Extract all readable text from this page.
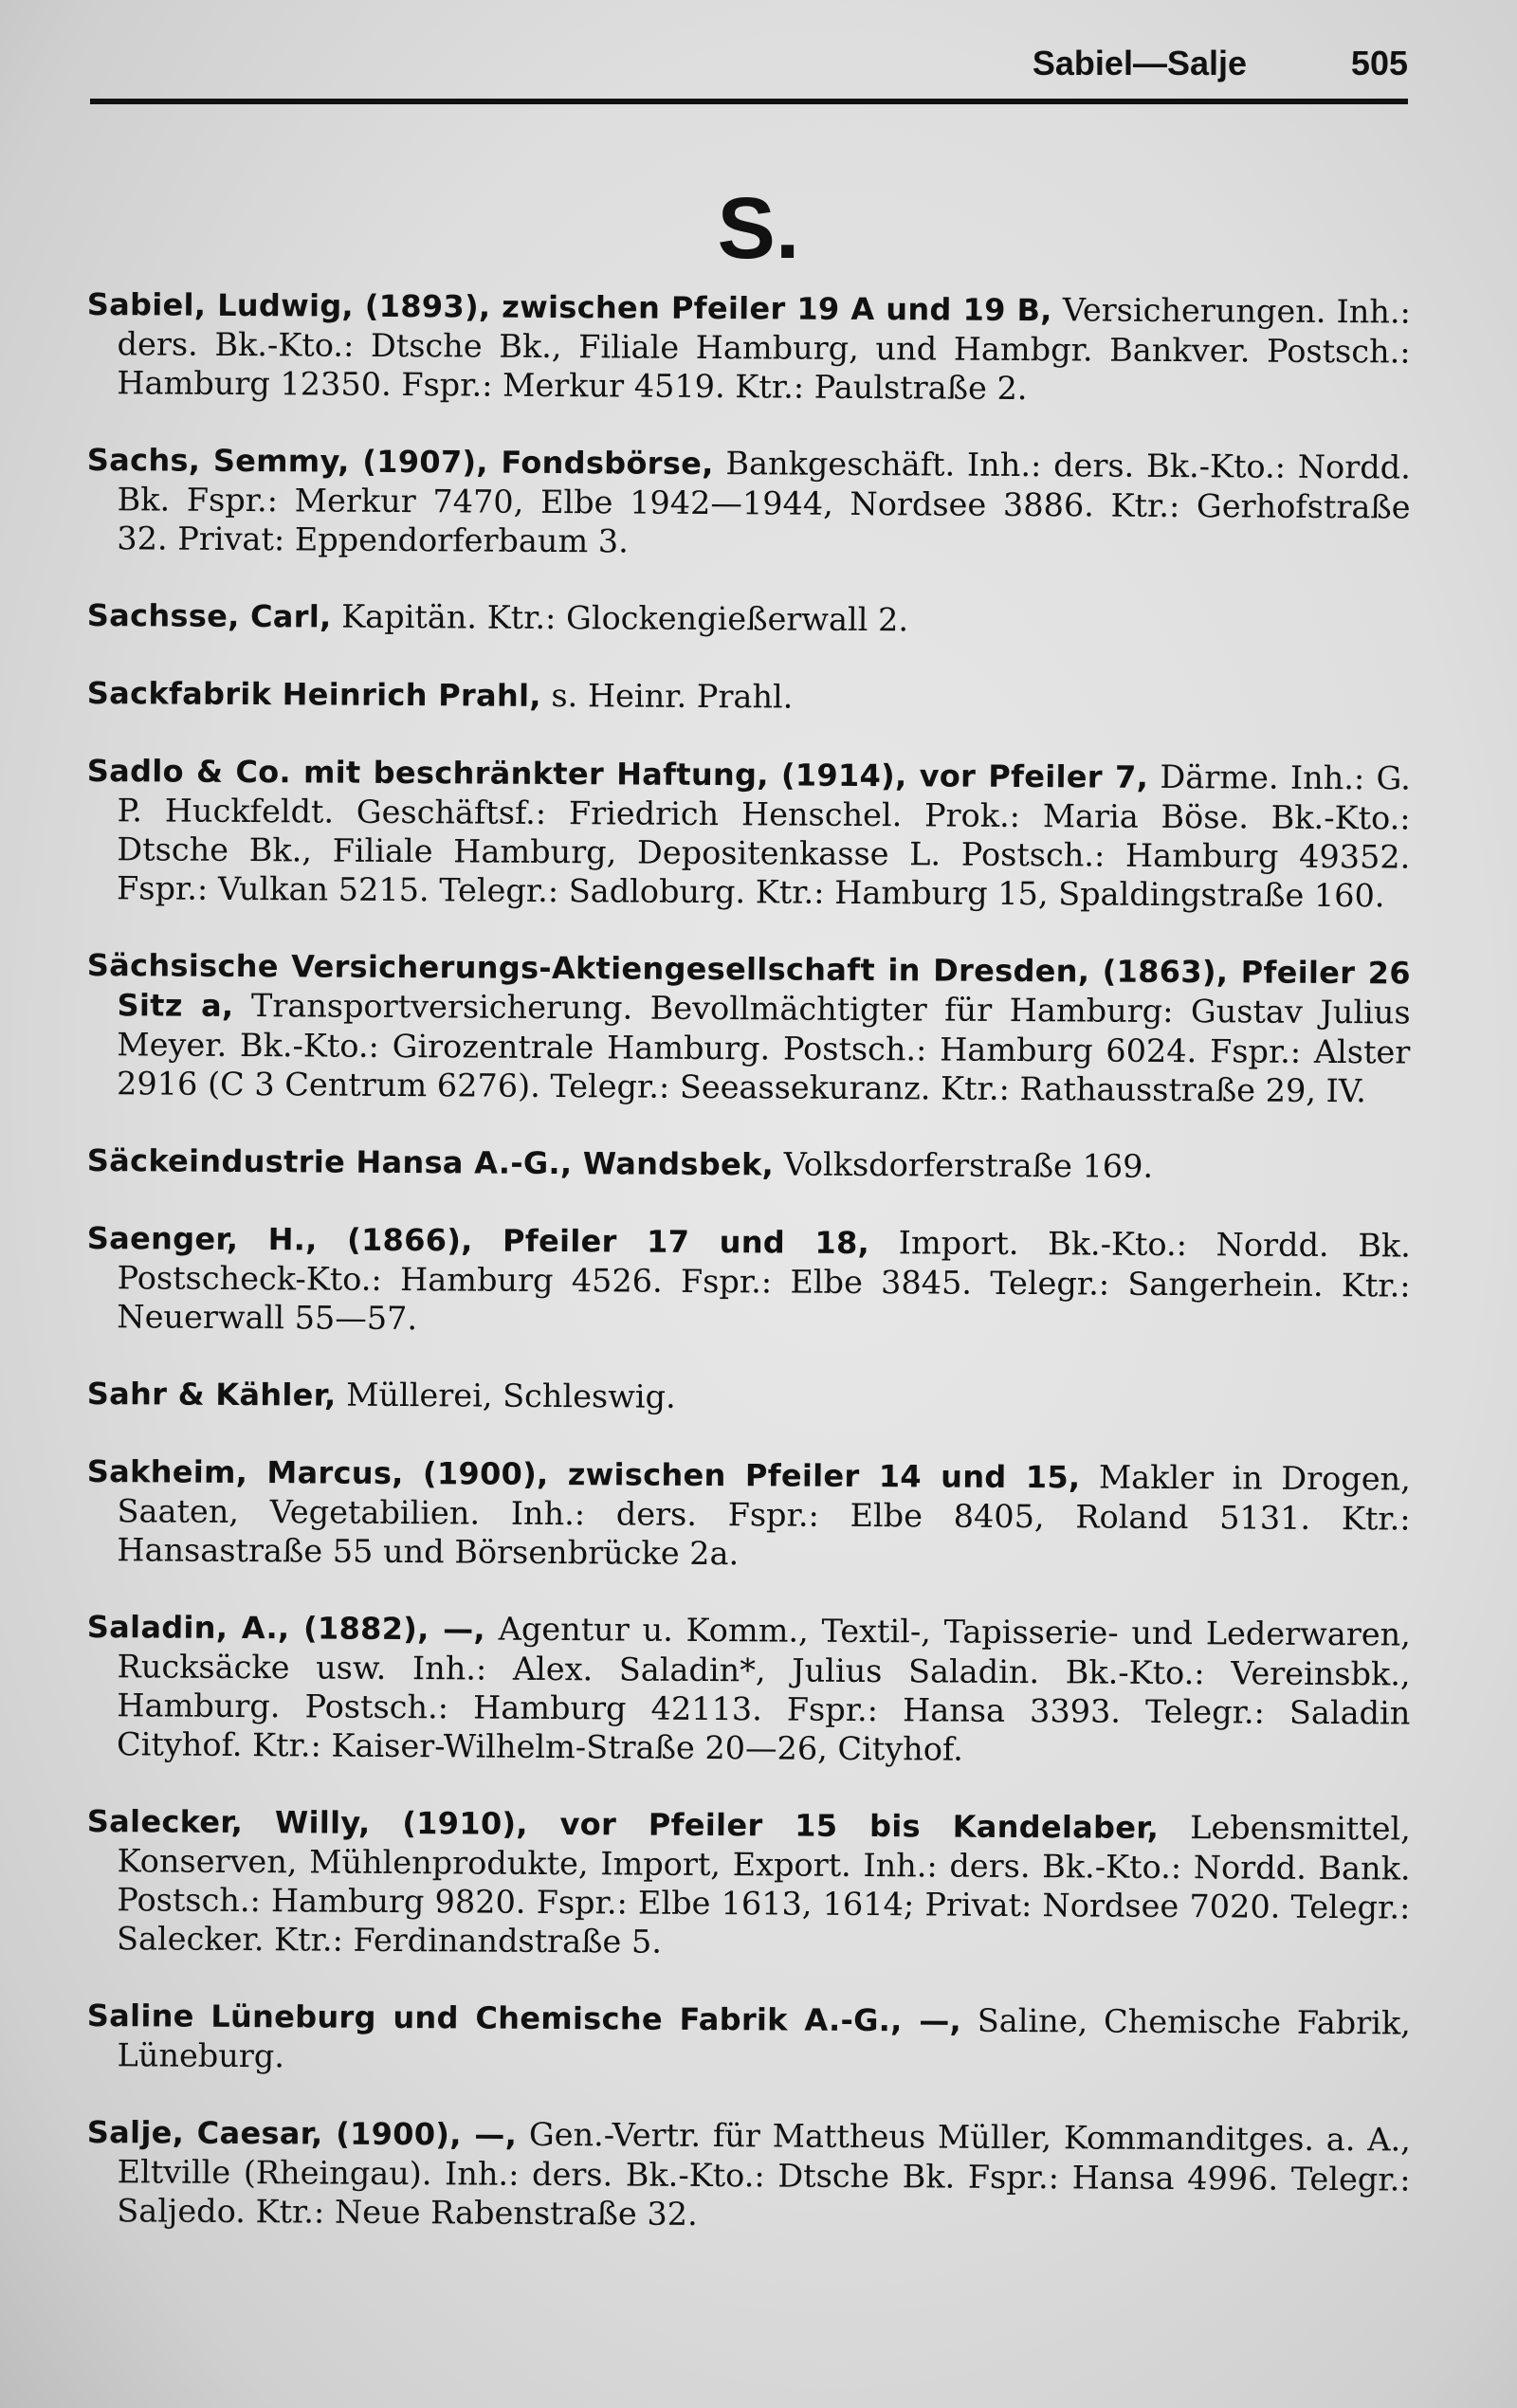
Sabiel—Salje	505
S.

Sabiel, Ludwig, (1893), zwischen Pfeiler 19 A und 19 B, Versicherungen. Inh.: ders. Bk.-Kto.: Dtsche Bk., Filiale Hamburg, und Hambgr. Bankver. Postsch.: Hamburg 12350. Fspr.: Merkur 4519. Ktr.: Paulstraße 2.

Sachs, Semmy, (1907), Fondsbörse, Bankgeschäft. Inh.: ders. Bk.-Kto.: Nordd. Bk. Fspr.: Merkur 7470, Elbe 1942—1944, Nordsee 3886. Ktr.: Gerhofstraße 32. Privat: Eppendorferbaum 3.

Sachsse, Carl, Kapitän. Ktr.: Glockengießerwall 2.

Sackfabrik Heinrich Prahl, s. Heinr. Prahl.

Sadlo & Co. mit beschränkter Haftung, (1914), vor Pfeiler 7, Därme. Inh.: G. P. Huckfeldt. Geschäftsf.: Friedrich Henschel. Prok.: Maria Böse. Bk.-Kto.: Dtsche Bk., Filiale Hamburg, Depositenkasse L. Postsch.: Hamburg 49352. Fspr.: Vulkan 5215. Telegr.: Sadloburg. Ktr.: Hamburg 15, Spaldingstraße 160.

Sächsische Versicherungs-Aktiengesellschaft in Dresden, (1863), Pfeiler 26 Sitz a, Transportversicherung. Bevollmächtigter für Hamburg: Gustav Julius Meyer. Bk.-Kto.: Girozentrale Hamburg. Postsch.: Hamburg 6024. Fspr.: Alster 2916 (C 3 Centrum 6276). Telegr.: Seeassekuranz. Ktr.: Rathausstraße 29, IV.

Säckeindustrie Hansa A.-G., Wandsbek, Volksdorferstraße 169.

Saenger, H., (1866), Pfeiler 17 und 18, Import. Bk.-Kto.: Nordd. Bk. Postscheck-Kto.: Hamburg 4526. Fspr.: Elbe 3845. Telegr.: Sangerhein. Ktr.: Neuerwall 55—57.

Sahr & Kähler, Müllerei, Schleswig.

Sakheim, Marcus, (1900), zwischen Pfeiler 14 und 15, Makler in Drogen, Saaten, Vegetabilien. Inh.: ders. Fspr.: Elbe 8405, Roland 5131. Ktr.: Hansastraße 55 und Börsenbrücke 2a.

Saladin, A., (1882), —, Agentur u. Komm., Textil-, Tapisserie- und Lederwaren, Rucksäcke usw. Inh.: Alex. Saladin*, Julius Saladin. Bk.-Kto.: Vereinsbk., Hamburg. Postsch.: Hamburg 42113. Fspr.: Hansa 3393. Telegr.: Saladin Cityhof. Ktr.: Kaiser-Wilhelm-Straße 20—26, Cityhof.

Salecker, Willy, (1910), vor Pfeiler 15 bis Kandelaber, Lebensmittel, Konserven, Mühlenprodukte, Import, Export. Inh.: ders. Bk.-Kto.: Nordd. Bank. Postsch.: Hamburg 9820. Fspr.: Elbe 1613, 1614; Privat: Nordsee 7020. Telegr.: Salecker. Ktr.: Ferdinandstraße 5.

Saline Lüneburg und Chemische Fabrik A.-G., —, Saline, Chemische Fabrik, Lüneburg.

Salje, Caesar, (1900), —, Gen.-Vertr. für Mattheus Müller, Kommanditges. a. A., Eltville (Rheingau). Inh.: ders. Bk.-Kto.: Dtsche Bk. Fspr.: Hansa 4996. Telegr.: Saljedo. Ktr.: Neue Rabenstraße 32.
